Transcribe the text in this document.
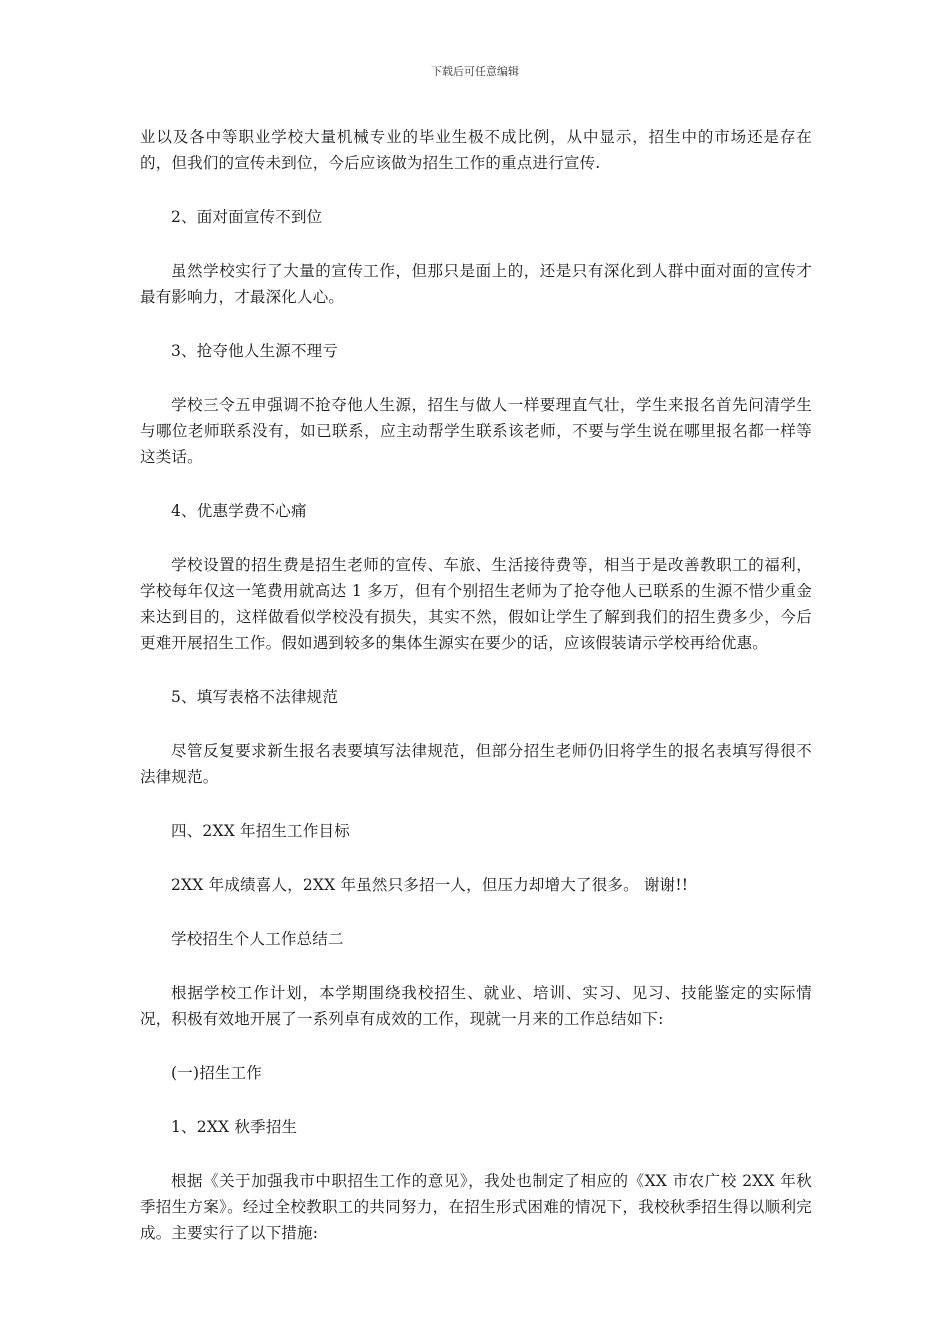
下载后可任意编辑

业以及各中等职业学校大量机械专业的毕业生极不成比例，从中显示，招生中的市场还是存在的，但我们的宣传未到位，今后应该做为招生工作的重点进行宣传.

2、面对面宣传不到位

虽然学校实行了大量的宣传工作，但那只是面上的，还是只有深化到人群中面对面的宣传才最有影响力，才最深化人心。

3、抢夺他人生源不理亏

学校三令五申强调不抢夺他人生源，招生与做人一样要理直气壮，学生来报名首先问清学生与哪位老师联系没有，如已联系，应主动帮学生联系该老师，不要与学生说在哪里报名都一样等这类话。

4、优惠学费不心痛

学校设置的招生费是招生老师的宣传、车旅、生活接待费等，相当于是改善教职工的福利，学校每年仅这一笔费用就高达 1 多万，但有个别招生老师为了抢夺他人已联系的生源不惜少重金来达到目的，这样做看似学校没有损失，其实不然，假如让学生了解到我们的招生费多少，今后更难开展招生工作。假如遇到较多的集体生源实在要少的话，应该假装请示学校再给优惠。

5、填写表格不法律规范

尽管反复要求新生报名表要填写法律规范，但部分招生老师仍旧将学生的报名表填写得很不法律规范。

四、2XX 年招生工作目标

2XX 年成绩喜人，2XX 年虽然只多招一人，但压力却增大了很多。 谢谢!!

学校招生个人工作总结二

根据学校工作计划，本学期围绕我校招生、就业、培训、实习、见习、技能鉴定的实际情况，积极有效地开展了一系列卓有成效的工作，现就一月来的工作总结如下:

(一)招生工作

1、2XX 秋季招生

根据《关于加强我市中职招生工作的意见》，我处也制定了相应的《XX 市农广校 2XX 年秋季招生方案》。经过全校教职工的共同努力，在招生形式困难的情况下，我校秋季招生得以顺利完成。主要实行了以下措施:
